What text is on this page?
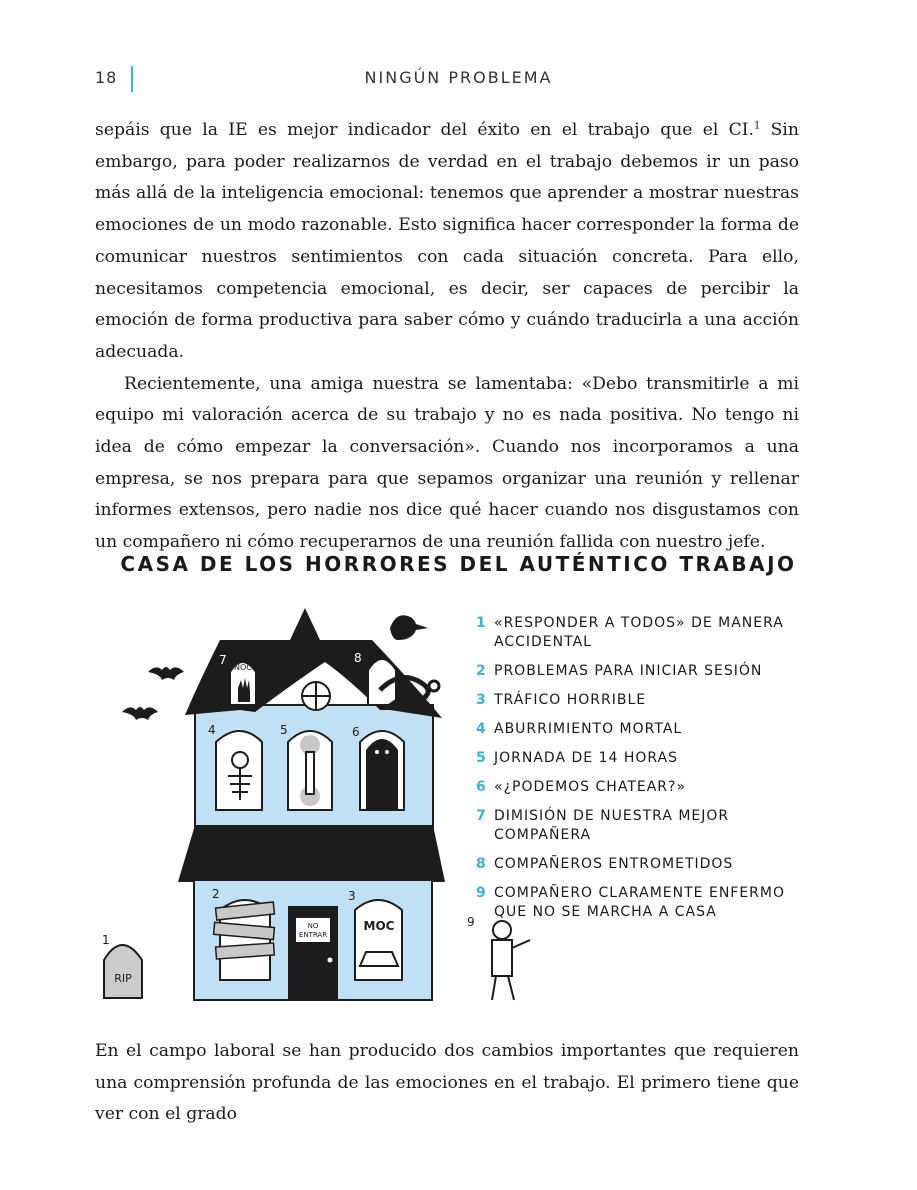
18	NINGÚN PROBLEMA

sepáis que la IE es mejor indicador del éxito en el trabajo que el CI.$^1$ Sin embargo, para poder realizarnos de verdad en el trabajo debemos ir un paso más allá de la inteligencia emocional: tenemos que aprender a mostrar nuestras emociones de un modo razonable. Esto significa hacer corresponder la forma de comunicar nuestros sentimientos con cada situación concreta. Para ello, necesitamos competencia emocional, es decir, ser capaces de percibir la emoción de forma productiva para saber cómo y cuándo traducirla a una acción adecuada.

Recientemente, una amiga nuestra se lamentaba: «Debo transmitirle a mi equipo mi valoración acerca de su trabajo y no es nada positiva. No tengo ni idea de cómo empezar la conversación». Cuando nos incorporamos a una empresa, se nos prepara para que sepamos organizar una reunión y rellenar informes extensos, pero nadie nos dice qué hacer cuando nos disgustamos con un compañero ni cómo recuperarnos de una reunión fallida con nuestro jefe.

CASA DE LOS HORRORES DEL AUTÉNTICO TRABAJO
NO
ENTRAR
MOC
RIP
1
2	3
4	5	6
7
NOC
8
9
1 «RESPONDER A TODOS» DE MANERA ACCIDENTAL
2 PROBLEMAS PARA INICIAR SESIÓN
3 TRÁFICO HORRIBLE
4 ABURRIMIENTO MORTAL
5 JORNADA DE 14 HORAS
6 «¿PODEMOS CHATEAR?»
7 DIMISIÓN DE NUESTRA MEJOR COMPAÑERA
8 COMPAÑEROS ENTROMETIDOS
9 COMPAÑERO CLARAMENTE ENFERMO QUE NO SE MARCHA A CASA

En el campo laboral se han producido dos cambios importantes que requieren una comprensión profunda de las emociones en el trabajo. El primero tiene que ver con el grado
